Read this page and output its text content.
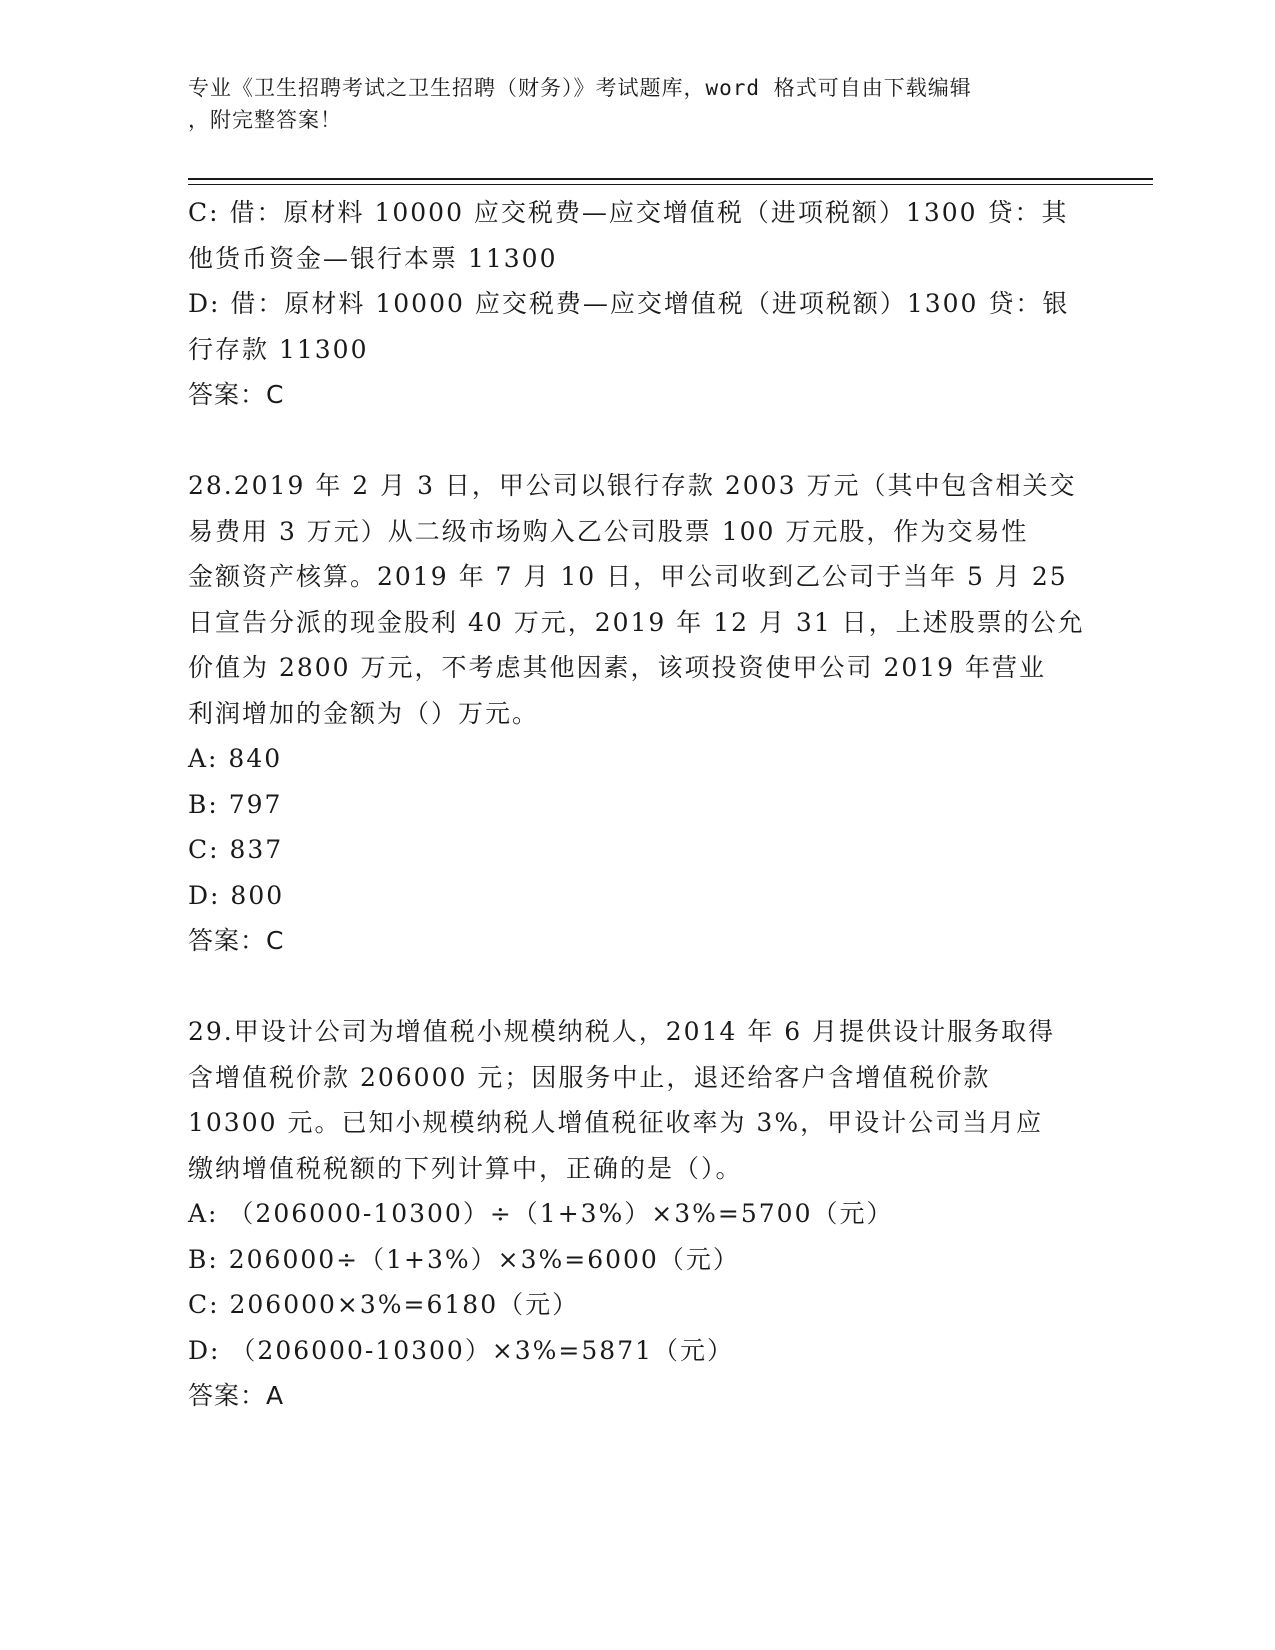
专业《卫生招聘考试之卫生招聘（财务）》考试题库，word 格式可自由下载编辑
，附完整答案！
C: 借：原材料 10000 应交税费—应交增值税（进项税额）1300 贷：其
他货币资金—银行本票 11300
D: 借：原材料 10000 应交税费—应交增值税（进项税额）1300 贷：银
行存款 11300
答案：C
28.2019 年 2 月 3 日，甲公司以银行存款 2003 万元（其中包含相关交
易费用 3 万元）从二级市场购入乙公司股票 100 万元股，作为交易性
金额资产核算。2019 年 7 月 10 日，甲公司收到乙公司于当年 5 月 25
日宣告分派的现金股利 40 万元，2019 年 12 月 31 日，上述股票的公允
价值为 2800 万元，不考虑其他因素，该项投资使甲公司 2019 年营业
利润增加的金额为（）万元。
A: 840
B: 797
C: 837
D: 800
答案：C
29.甲设计公司为增值税小规模纳税人，2014 年 6 月提供设计服务取得
含增值税价款 206000 元；因服务中止，退还给客户含增值税价款
10300 元。已知小规模纳税人增值税征收率为 3%，甲设计公司当月应
缴纳增值税税额的下列计算中，正确的是（）。
A: （206000-10300）÷（1+3%）×3%=5700（元）
B: 206000÷（1+3%）×3%=6000（元）
C: 206000×3%=6180（元）
D: （206000-10300）×3%=5871（元）
答案：A
